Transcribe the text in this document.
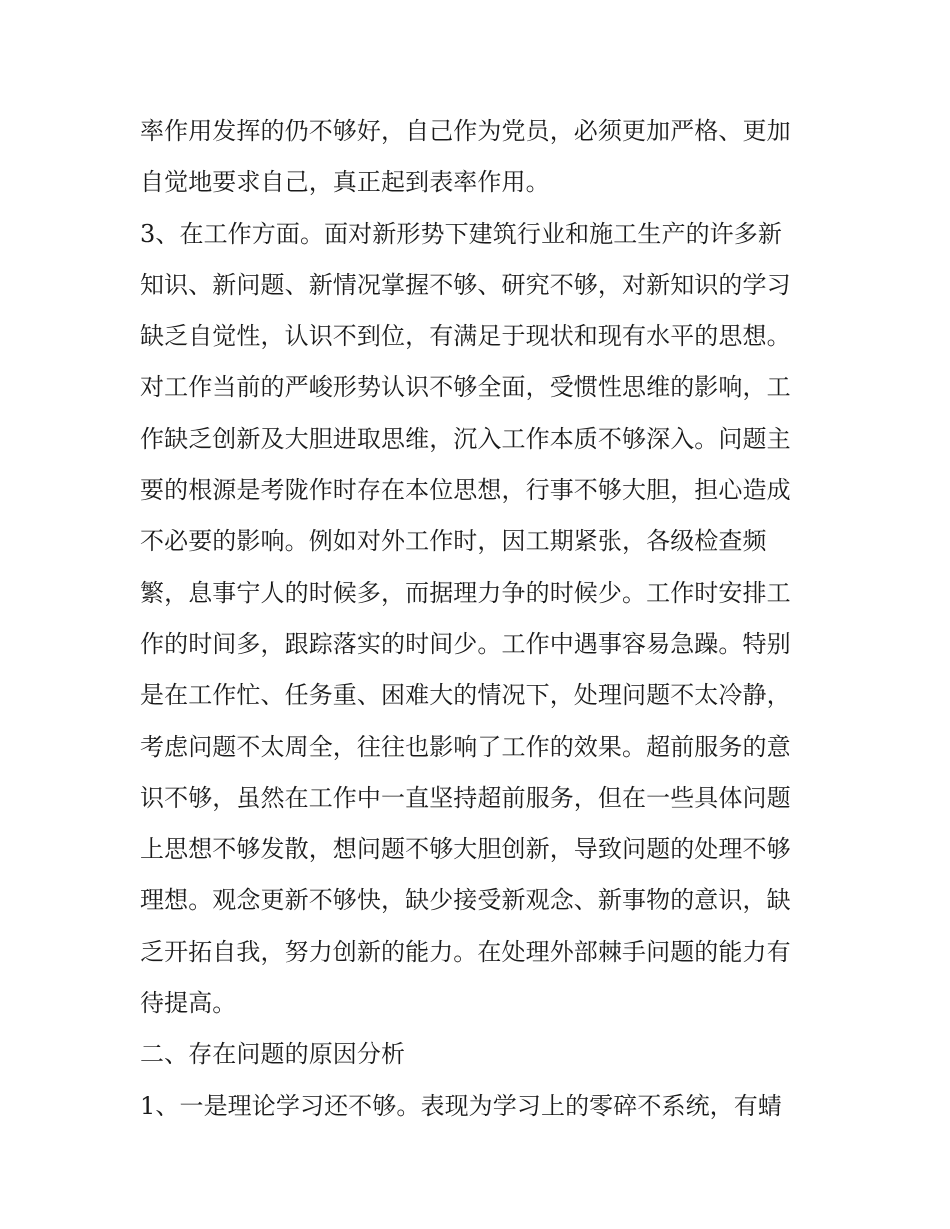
率作用发挥的仍不够好，自己作为党员，必须更加严格、更加
自觉地要求自己，真正起到表率作用。
3、在工作方面。面对新形势下建筑行业和施工生产的许多新
知识、新问题、新情况掌握不够、研究不够，对新知识的学习
缺乏自觉性，认识不到位，有满足于现状和现有水平的思想。
对工作当前的严峻形势认识不够全面，受惯性思维的影响，工
作缺乏创新及大胆进取思维，沉入工作本质不够深入。问题主
要的根源是考陇作时存在本位思想，行事不够大胆，担心造成
不必要的影响。例如对外工作时，因工期紧张，各级检查频
繁，息事宁人的时候多，而据理力争的时候少。工作时安排工
作的时间多，跟踪落实的时间少。工作中遇事容易急躁。特别
是在工作忙、任务重、困难大的情况下，处理问题不太冷静，
考虑问题不太周全，往往也影响了工作的效果。超前服务的意
识不够，虽然在工作中一直坚持超前服务，但在一些具体问题
上思想不够发散，想问题不够大胆创新，导致问题的处理不够
理想。观念更新不够快，缺少接受新观念、新事物的意识，缺
乏开拓自我，努力创新的能力。在处理外部棘手问题的能力有
待提高。
二、存在问题的原因分析
1、一是理论学习还不够。表现为学习上的零碎不系统，有蜻
